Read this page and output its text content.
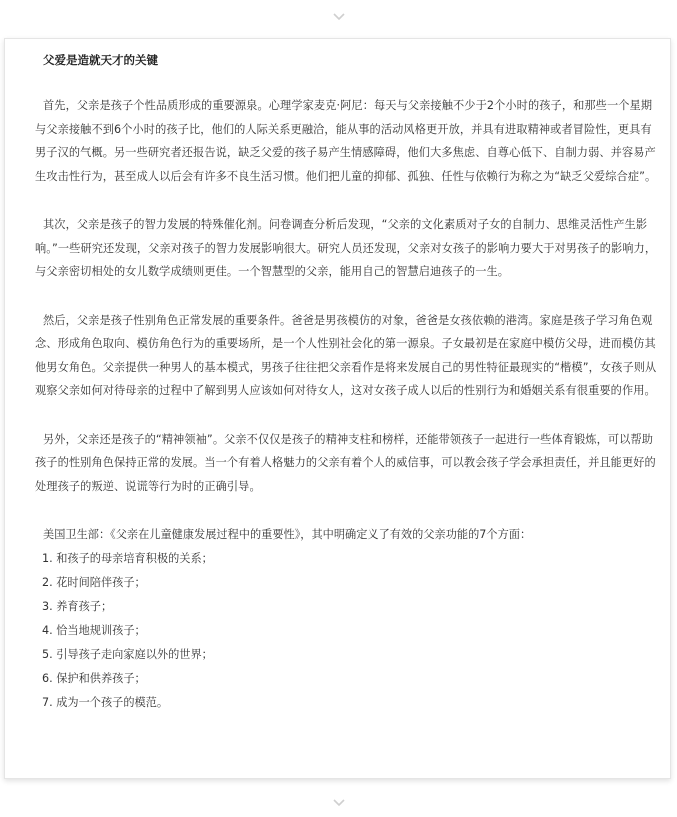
父爱是造就天才的关键

首先，父亲是孩子个性品质形成的重要源泉。心理学家麦克·阿尼：每天与父亲接触不少于2个小时的孩子，和那些一个星期与父亲接触不到6个小时的孩子比，他们的人际关系更融洽，能从事的活动风格更开放，并具有进取精神或者冒险性，更具有男子汉的气概。另一些研究者还报告说，缺乏父爱的孩子易产生情感障碍，他们大多焦虑、自尊心低下、自制力弱、并容易产生攻击性行为，甚至成人以后会有许多不良生活习惯。他们把儿童的抑郁、孤独、任性与依赖行为称之为“缺乏父爱综合症”。

其次，父亲是孩子的智力发展的特殊催化剂。问卷调查分析后发现，“父亲的文化素质对子女的自制力、思维灵活性产生影响。”一些研究还发现，父亲对孩子的智力发展影响很大。研究人员还发现，父亲对女孩子的影响力要大于对男孩子的影响力，与父亲密切相处的女儿数学成绩则更佳。一个智慧型的父亲，能用自己的智慧启迪孩子的一生。

然后，父亲是孩子性别角色正常发展的重要条件。爸爸是男孩模仿的对象，爸爸是女孩依赖的港湾。家庭是孩子学习角色观念、形成角色取向、模仿角色行为的重要场所，是一个人性别社会化的第一源泉。子女最初是在家庭中模仿父母，进而模仿其他男女角色。父亲提供一种男人的基本模式，男孩子往往把父亲看作是将来发展自己的男性特征最现实的“楷模”，女孩子则从观察父亲如何对待母亲的过程中了解到男人应该如何对待女人，这对女孩子成人以后的性别行为和婚姻关系有很重要的作用。

另外，父亲还是孩子的“精神领袖”。父亲不仅仅是孩子的精神支柱和榜样，还能带领孩子一起进行一些体育锻炼，可以帮助孩子的性别角色保持正常的发展。当一个有着人格魅力的父亲有着个人的威信事，可以教会孩子学会承担责任，并且能更好的处理孩子的叛逆、说谎等行为时的正确引导。

美国卫生部：《父亲在儿童健康发展过程中的重要性》，其中明确定义了有效的父亲功能的7个方面：

1. 和孩子的母亲培育积极的关系；
2. 花时间陪伴孩子；
3. 养育孩子；
4. 恰当地规训孩子；
5. 引导孩子走向家庭以外的世界；
6. 保护和供养孩子；
7. 成为一个孩子的模范。
